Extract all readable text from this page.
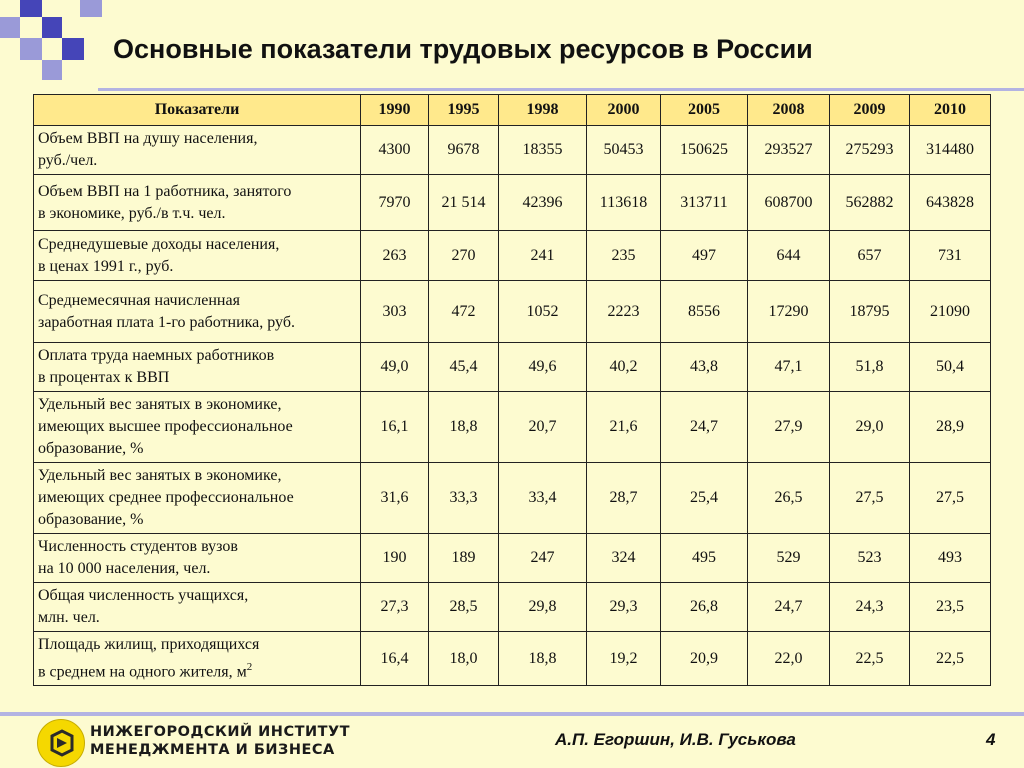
Основные показатели трудовых ресурсов в России
Показатели	1990	1995	1998	2000	2005	2008	2009	2010
Объем ВВП на душу населения,
руб./чел.	4300	9678	18355	50453	150625	293527	275293	314480
Объем ВВП на 1 работника, занятого
в экономике, руб./в т.ч. чел.	7970	21 514	42396	113618	313711	608700	562882	643828
Среднедушевые доходы населения,
в ценах 1991 г., руб.	263	270	241	235	497	644	657	731
Среднемесячная начисленная
заработная плата 1-го работника, руб.	303	472	1052	2223	8556	17290	18795	21090
Оплата труда наемных работников
в процентах к ВВП	49,0	45,4	49,6	40,2	43,8	47,1	51,8	50,4
Удельный вес занятых в экономике,
имеющих высшее профессиональное
образование, %	16,1	18,8	20,7	21,6	24,7	27,9	29,0	28,9
Удельный вес занятых в экономике,
имеющих среднее профессиональное
образование, %	31,6	33,3	33,4	28,7	25,4	26,5	27,5	27,5
Численность студентов вузов
на 10 000 населения, чел.	190	189	247	324	495	529	523	493
Общая численность учащихся,
млн. чел.	27,3	28,5	29,8	29,3	26,8	24,7	24,3	23,5
Площадь жилищ, приходящихся
в среднем на одного жителя, $м^2$	16,4	18,0	18,8	19,2	20,9	22,0	22,5	22,5
НИЖЕГОРОДСКИЙ ИНСТИТУТ
МЕНЕДЖМЕНТА И БИЗНЕСА
А.П. Егоршин, И.В. Гуськова	4
